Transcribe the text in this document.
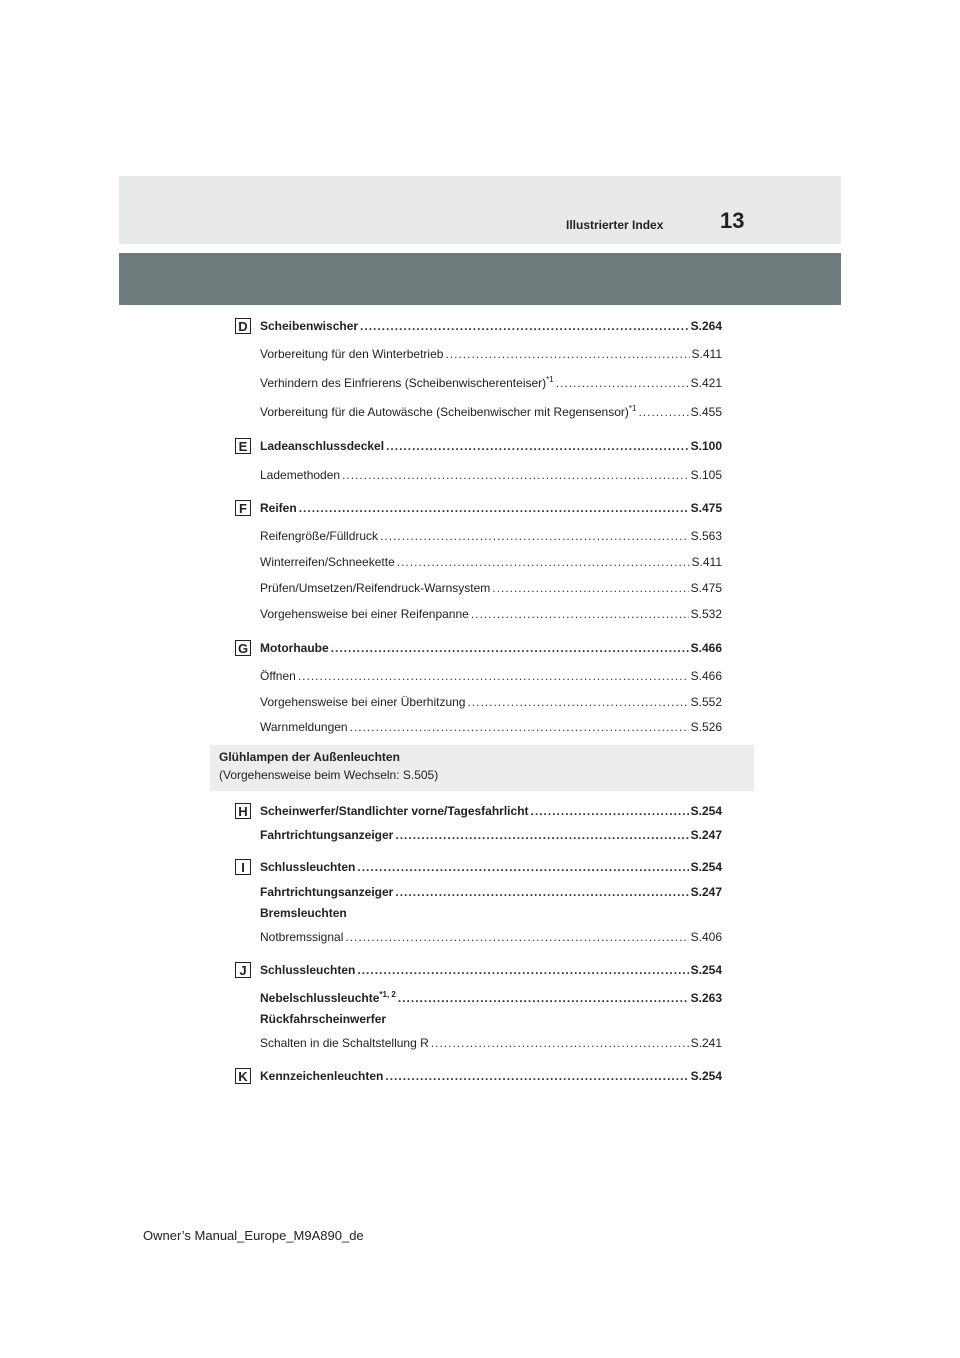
Illustrierter Index	13
D Scheibenwischer .....	S.264
Vorbereitung für den Winterbetrieb .....	S.411
Verhindern des Einfrierens (Scheibenwischerenteiser)$^{*1}$ .....	S.421
Vorbereitung für die Autowäsche (Scheibenwischer mit Regensensor)$^{*1}$ .....	S.455
E	Ladeanschlussdeckel .....	S.100
Lademethoden .....	S.105
F	Reifen .....	S.475
Reifengröße/Fülldruck .....	S.563
Winterreifen/Schneekette .....	S.411
Prüfen/Umsetzen/Reifendruck-Warnsystem .....	S.475
Vorgehensweise bei einer Reifenpanne .....	S.532
G Motorhaube .....	S.466
Öffnen .....	S.466
Vorgehensweise bei einer Überhitzung .....	S.552
Warnmeldungen .....	S.526
Glühlampen der Außenleuchten
(Vorgehensweise beim Wechseln: S.505)
H Scheinwerfer/Standlichter vorne/Tagesfahrlicht .....	S.254
Fahrtrichtungsanzeiger .....	S.247
I	Schlussleuchten .....	S.254
Fahrtrichtungsanzeiger .....	S.247
Bremsleuchten
Notbremssignal .....	S.406
J	Schlussleuchten .....	S.254
Nebelschlussleuchte$^{*1, 2}$ .....	S.263
Rückfahrscheinwerfer
Schalten in die Schaltstellung R .....	S.241
K Kennzeichenleuchten .....	S.254
Owner’s Manual_Europe_M9A890_de
